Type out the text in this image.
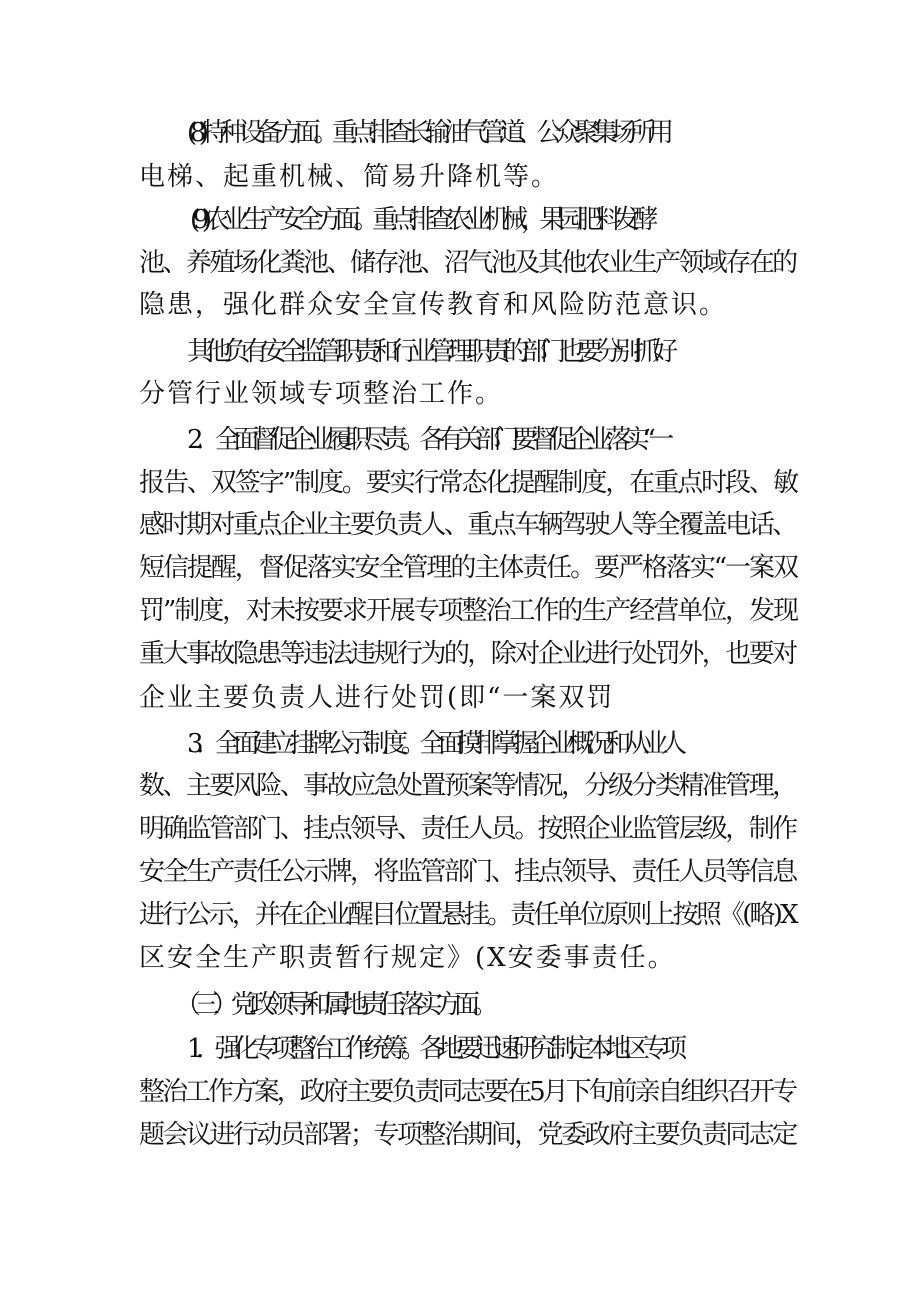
(8)特种设备方面。重点排查长输油气管道、公众聚集场所用
电梯、起重机械、简易升降机等。
(9)农业生产安全方面。重点排查农业机械，果园肥料发酵
池、养殖场化粪池、储存池、沼气池及其他农业生产领域存在的
隐患，强化群众安全宣传教育和风险防范意识。
其他负有安全监管职责和行业管理职责的部门也要分别抓好
分管行业领域专项整治工作。
2．全面督促企业履职尽责。各有关部门要督促企业落实“一
报告、双签字”制度。要实行常态化提醒制度，在重点时段、敏
感时期对重点企业主要负责人、重点车辆驾驶人等全覆盖电话、
短信提醒，督促落实安全管理的主体责任。要严格落实“一案双
罚”制度，对未按要求开展专项整治工作的生产经营单位，发现
重大事故隐患等违法违规行为的，除对企业进行处罚外，也要对
企业主要负责人进行处罚(即“一案双罚
3．全面建立挂牌公示制度。全面摸排掌握企业概况和从业人
数、主要风险、事故应急处置预案等情况，分级分类精准管理，
明确监管部门、挂点领导、责任人员。按照企业监管层级，制作
安全生产责任公示牌，将监管部门、挂点领导、责任人员等信息
进行公示，并在企业醒目位置悬挂。责任单位原则上按照《(略)X
区安全生产职责暂行规定》(X安委事责任。
（三）党政领导和属地责任落实方面。
1．强化专项整治工作统筹。各地要迅速研究制定本地区专项
整治工作方案，政府主要负责同志要在5月下旬前亲自组织召开专
题会议进行动员部署；专项整治期间，党委政府主要负责同志定
